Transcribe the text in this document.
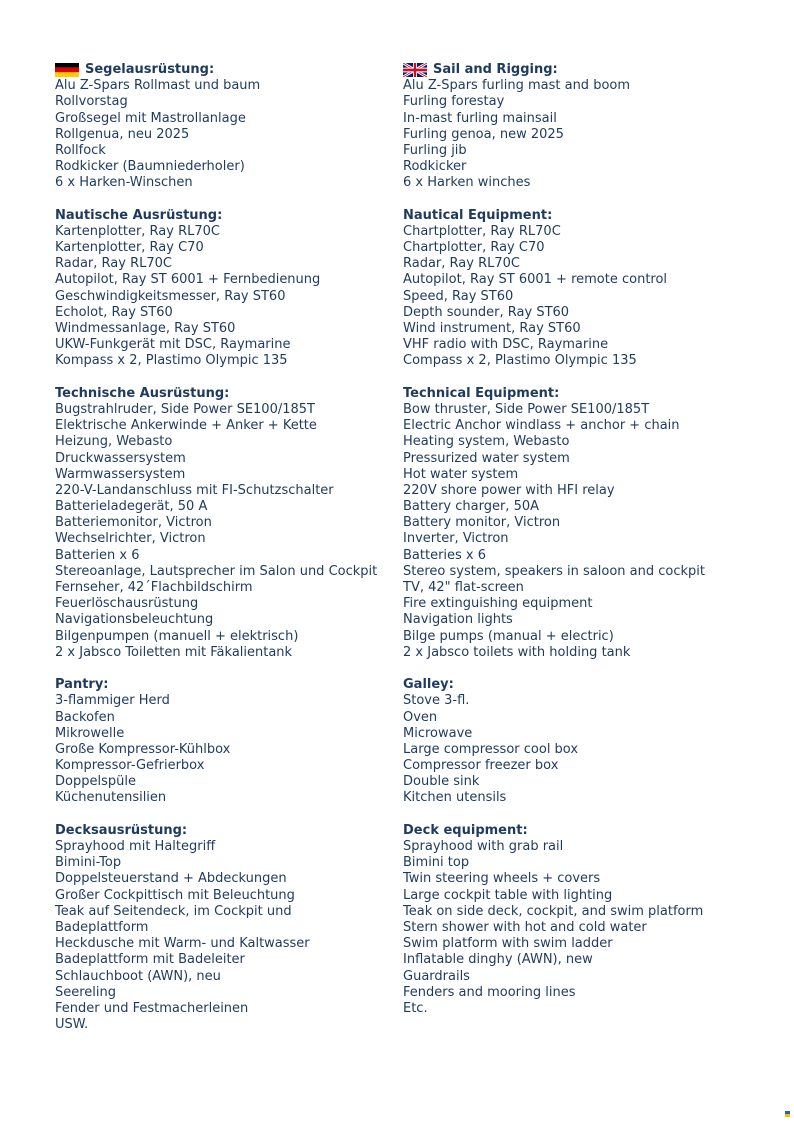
Segelausrüstung:
Alu Z-Spars Rollmast und baum
Rollvorstag
Großsegel mit Mastrollanlage
Rollgenua, neu 2025
Rollfock
Rodkicker (Baumniederholer)
6 x Harken-Winschen
Nautische Ausrüstung:
Kartenplotter, Ray RL70C
Kartenplotter, Ray C70
Radar, Ray RL70C
Autopilot, Ray ST 6001 + Fernbedienung
Geschwindigkeitsmesser, Ray ST60
Echolot, Ray ST60
Windmessanlage, Ray ST60
UKW-Funkgerät mit DSC, Raymarine
Kompass x 2, Plastimo Olympic 135
Technische Ausrüstung:
Bugstrahlruder, Side Power SE100/185T
Elektrische Ankerwinde + Anker + Kette
Heizung, Webasto
Druckwassersystem
Warmwassersystem
220-V-Landanschluss mit FI-Schutzschalter
Batterieladegerät, 50 A
Batteriemonitor, Victron
Wechselrichter, Victron
Batterien x 6
Stereoanlage, Lautsprecher im Salon und Cockpit
Fernseher, 42´Flachbildschirm
Feuerlöschausrüstung
Navigationsbeleuchtung
Bilgenpumpen (manuell + elektrisch)
2 x Jabsco Toiletten mit Fäkalientank
Pantry:
3-flammiger Herd
Backofen
Mikrowelle
Große Kompressor-Kühlbox
Kompressor-Gefrierbox
Doppelspüle
Küchenutensilien
Decksausrüstung:
Sprayhood mit Haltegriff
Bimini-Top
Doppelsteuerstand + Abdeckungen
Großer Cockpittisch mit Beleuchtung
Teak auf Seitendeck, im Cockpit und
Badeplattform
Heckdusche mit Warm- und Kaltwasser
Badeplattform mit Badeleiter
Schlauchboot (AWN), neu
Seereling
Fender und Festmacherleinen
USW.
Sail and Rigging:
Alu Z-Spars furling mast and boom
Furling forestay
In-mast furling mainsail
Furling genoa, new 2025
Furling jib
Rodkicker
6 x Harken winches
Nautical Equipment:
Chartplotter, Ray RL70C
Chartplotter, Ray C70
Radar, Ray RL70C
Autopilot, Ray ST 6001 + remote control
Speed, Ray ST60
Depth sounder, Ray ST60
Wind instrument, Ray ST60
VHF radio with DSC, Raymarine
Compass x 2, Plastimo Olympic 135
Technical Equipment:
Bow thruster, Side Power SE100/185T
Electric Anchor windlass + anchor + chain
Heating system, Webasto
Pressurized water system
Hot water system
220V shore power with HFI relay
Battery charger, 50A
Battery monitor, Victron
Inverter, Victron
Batteries x 6
Stereo system, speakers in saloon and cockpit
TV, 42" flat-screen
Fire extinguishing equipment
Navigation lights
Bilge pumps (manual + electric)
2 x Jabsco toilets with holding tank
Galley:
Stove 3-fl.
Oven
Microwave
Large compressor cool box
Compressor freezer box
Double sink
Kitchen utensils
Deck equipment:
Sprayhood with grab rail
Bimini top
Twin steering wheels + covers
Large cockpit table with lighting
Teak on side deck, cockpit, and swim platform
Stern shower with hot and cold water
Swim platform with swim ladder
Inflatable dinghy (AWN), new
Guardrails
Fenders and mooring lines
Etc.
